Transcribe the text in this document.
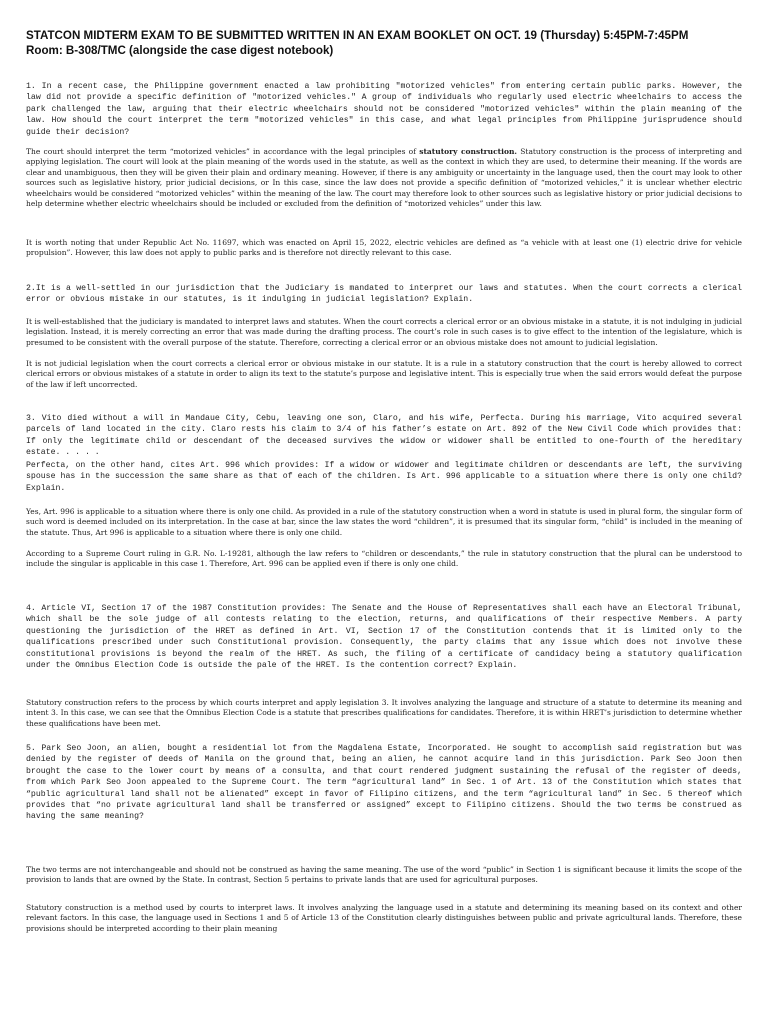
STATCON MIDTERM EXAM TO BE SUBMITTED WRITTEN IN AN EXAM BOOKLET ON OCT. 19 (Thursday) 5:45PM-7:45PM
Room: B-308/TMC (alongside the case digest notebook)

1. In a recent case, the Philippine government enacted a law prohibiting "motorized vehicles" from entering certain public parks. However, the law did not provide a specific definition of "motorized vehicles." A group of individuals who regularly used electric wheelchairs to access the park challenged the law, arguing that their electric wheelchairs should not be considered "motorized vehicles" within the plain meaning of the law. How should the court interpret the term "motorized vehicles" in this case, and what legal principles from Philippine jurisprudence should guide their decision?

The court should interpret the term “motorized vehicles” in accordance with the legal principles of statutory construction. Statutory construction is the process of interpreting and applying legislation. The court will look at the plain meaning of the words used in the statute, as well as the context in which they are used, to determine their meaning. If the words are clear and unambiguous, then they will be given their plain and ordinary meaning. However, if there is any ambiguity or uncertainty in the language used, then the court may look to other sources such as legislative history, prior judicial decisions, or In this case, since the law does not provide a specific definition of “motorized vehicles,” it is unclear whether electric wheelchairs would be considered “motorized vehicles” within the meaning of the law. The court may therefore look to other sources such as legislative history or prior judicial decisions to help determine whether electric wheelchairs should be included or excluded from the definition of “motorized vehicles” under this law.

It is worth noting that under Republic Act No. 11697, which was enacted on April 15, 2022, electric vehicles are defined as “a vehicle with at least one (1) electric drive for vehicle propulsion”. However, this law does not apply to public parks and is therefore not directly relevant to this case.

2.It is a well-settled in our jurisdiction that the Judiciary is mandated to interpret our laws and statutes. When the court corrects a clerical error or obvious mistake in our statutes, is it indulging in judicial legislation? Explain.

It is well-established that the judiciary is mandated to interpret laws and statutes. When the court corrects a clerical error or an obvious mistake in a statute, it is not indulging in judicial legislation. Instead, it is merely correcting an error that was made during the drafting process. The court’s role in such cases is to give effect to the intention of the legislature, which is presumed to be consistent with the overall purpose of the statute. Therefore, correcting a clerical error or an obvious mistake does not amount to judicial legislation.

It is not judicial legislation when the court corrects a clerical error or obvious mistake in our statute. It is a rule in a statutory construction that the court is hereby allowed to correct clerical errors or obvious mistakes of a statute in order to align its text to the statute’s purpose and legislative intent. This is especially true when the said errors would defeat the purpose of the law if left uncorrected.

3. Vito died without a will in Mandaue City, Cebu, leaving one son, Claro, and his wife, Perfecta. During his marriage, Vito acquired several parcels of land located in the city. Claro rests his claim to 3/4 of his father’s estate on Art. 892 of the New Civil Code which provides that: If only the legitimate child or descendant of the deceased survives the widow or widower shall be entitled to one-fourth of the hereditary estate. . . . .

Perfecta, on the other hand, cites Art. 996 which provides: If a widow or widower and legitimate children or descendants are left, the surviving spouse has in the succession the same share as that of each of the children. Is Art. 996 applicable to a situation where there is only one child? Explain.

Yes, Art. 996 is applicable to a situation where there is only one child. As provided in a rule of the statutory construction when a word in statute is used in plural form, the singular form of such word is deemed included on its interpretation. In the case at bar, since the law states the word “children”, it is presumed that its singular form, “child” is included in the meaning of the statute. Thus, Art 996 is applicable to a situation where there is only one child.

According to a Supreme Court ruling in G.R. No. L-19281, although the law refers to “children or descendants,” the rule in statutory construction that the plural can be understood to include the singular is applicable in this case 1. Therefore, Art. 996 can be applied even if there is only one child.

4. Article VI, Section 17 of the 1987 Constitution provides: The Senate and the House of Representatives shall each have an Electoral Tribunal, which shall be the sole judge of all contests relating to the election, returns, and qualifications of their respective Members. A party questioning the jurisdiction of the HRET as defined in Art. VI, Section 17 of the Constitution contends that it is limited only to the qualifications prescribed under such Constitutional provision. Consequently, the party claims that any issue which does not involve these constitutional provisions is beyond the realm of the HRET. As such, the filing of a certificate of candidacy being a statutory qualification under the Omnibus Election Code is outside the pale of the HRET. Is the contention correct? Explain.

Statutory construction refers to the process by which courts interpret and apply legislation 3. It involves analyzing the language and structure of a statute to determine its meaning and intent 3. In this case, we can see that the Omnibus Election Code is a statute that prescribes qualifications for candidates. Therefore, it is within HRET’s jurisdiction to determine whether these qualifications have been met.

5. Park Seo Joon, an alien, bought a residential lot from the Magdalena Estate, Incorporated. He sought to accomplish said registration but was denied by the register of deeds of Manila on the ground that, being an alien, he cannot acquire land in this jurisdiction. Park Seo Joon then brought the case to the lower court by means of a consulta, and that court rendered judgment sustaining the refusal of the register of deeds, from which Park Seo Joon appealed to the Supreme Court. The term “agricultural land” in Sec. 1 of Art. 13 of the Constitution which states that “public agricultural land shall not be alienated” except in favor of Filipino citizens, and the term “agricultural land” in Sec. 5 thereof which provides that “no private agricultural land shall be transferred or assigned” except to Filipino citizens. Should the two terms be construed as having the same meaning?

The two terms are not interchangeable and should not be construed as having the same meaning. The use of the word “public” in Section 1 is significant because it limits the scope of the provision to lands that are owned by the State. In contrast, Section 5 pertains to private lands that are used for agricultural purposes.

Statutory construction is a method used by courts to interpret laws. It involves analyzing the language used in a statute and determining its meaning based on its context and other relevant factors. In this case, the language used in Sections 1 and 5 of Article 13 of the Constitution clearly distinguishes between public and private agricultural lands. Therefore, these provisions should be interpreted according to their plain meaning
